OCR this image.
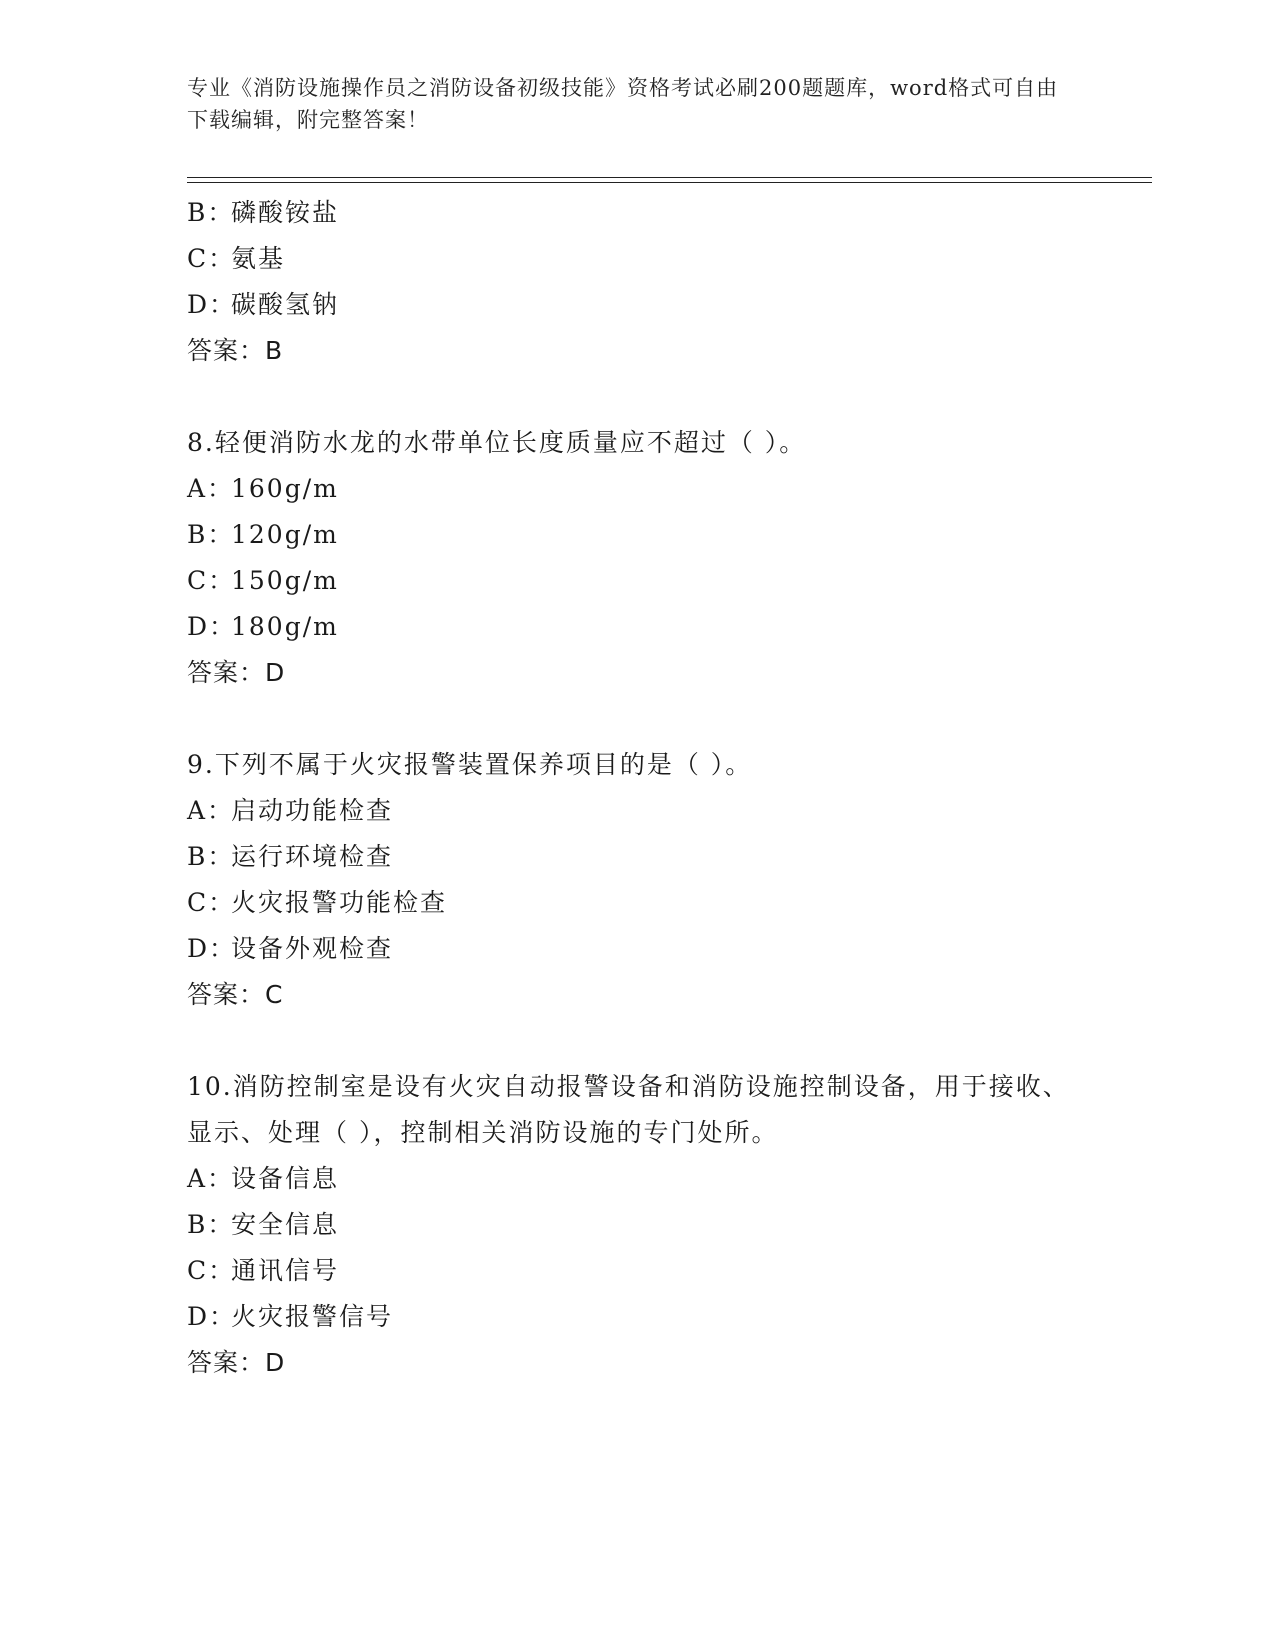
专业《消防设施操作员之消防设备初级技能》资格考试必刷200题题库，word格式可自由下载编辑，附完整答案！
B：磷酸铵盐
C：氨基
D：碳酸氢钠
答案：B
8.轻便消防水龙的水带单位长度质量应不超过（ ）。
A：160g/m
B：120g/m
C：150g/m
D：180g/m
答案：D
9.下列不属于火灾报警装置保养项目的是（ ）。
A：启动功能检查
B：运行环境检查
C：火灾报警功能检查
D：设备外观检查
答案：C
10.消防控制室是设有火灾自动报警设备和消防设施控制设备，用于接收、显示、处理（ ），控制相关消防设施的专门处所。
A：设备信息
B：安全信息
C：通讯信号
D：火灾报警信号
答案：D
